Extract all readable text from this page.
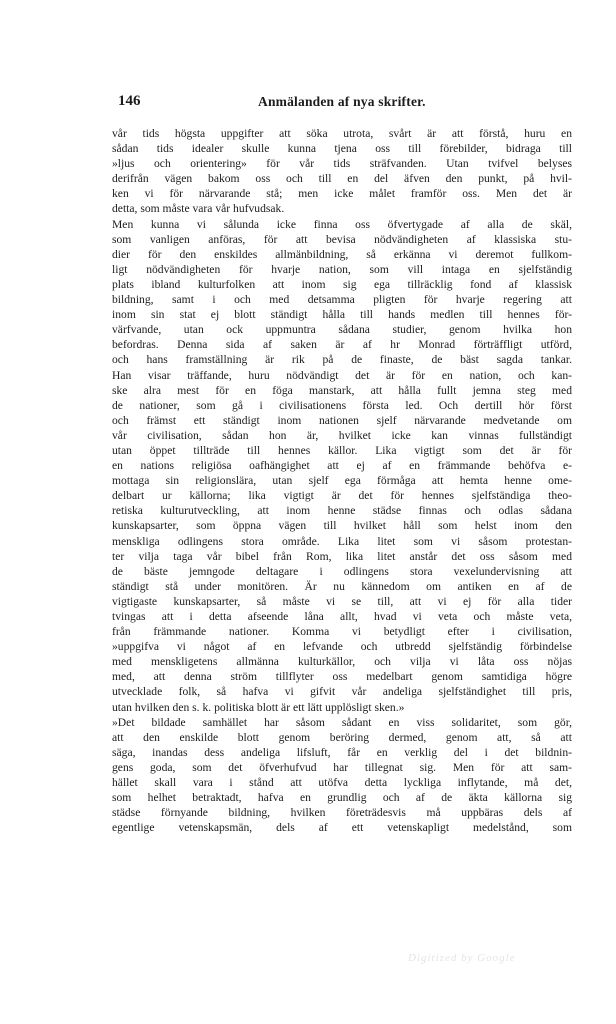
146	Anmälanden af nya skrifter.
vår tids högsta uppgifter att söka utrota, svårt är att förstå, huru en
sådan tids idealer skulle kunna tjena oss till förebilder, bidraga till
»ljus och orientering» för vår tids sträfvanden. Utan tvifvel belyses
derifrån vägen bakom oss och till en del äfven den punkt, på hvil-
ken vi för närvarande stå; men icke målet framför oss. Men det är
detta, som måste vara vår hufvudsak.
Men kunna vi sålunda icke finna oss öfvertygade af alla de skäl,
som vanligen anföras, för att bevisa nödvändigheten af klassiska stu-
dier för den enskildes allmänbildning, så erkänna vi deremot fullkom-
ligt nödvändigheten för hvarje nation, som vill intaga en sjelfständig
plats ibland kulturfolken att inom sig ega tillräcklig fond af klassisk
bildning, samt i och med detsamma pligten för hvarje regering att
inom sin stat ej blott ständigt hålla till hands medlen till hennes för-
värfvande, utan ock uppmuntra sådana studier, genom hvilka hon
befordras. Denna sida af saken är af hr Monrad förträffligt utförd,
och hans framställning är rik på de finaste, de bäst sagda tankar.
Han visar träffande, huru nödvändigt det är för en nation, och kan-
ske alra mest för en föga manstark, att hålla fullt jemna steg med
de nationer, som gå i civilisationens första led. Och dertill hör först
och främst ett ständigt inom nationen sjelf närvarande medvetande om
vår civilisation, sådan hon är, hvilket icke kan vinnas fullständigt
utan öppet tillträde till hennes källor. Lika vigtigt som det är för
en nations religiösa oafhängighet att ej af en främmande behöfva e-
mottaga sin religionslära, utan sjelf ega förmåga att hemta henne ome-
delbart ur källorna; lika vigtigt är det för hennes sjelfständiga theo-
retiska kulturutveckling, att inom henne städse finnas och odlas sådana
kunskapsarter, som öppna vägen till hvilket håll som helst inom den
menskliga odlingens stora område. Lika litet som vi såsom protestan-
ter vilja taga vår bibel från Rom, lika litet anstår det oss såsom med
de bäste jemngode deltagare i odlingens stora vexelundervisning att
ständigt stå under monitören. Är nu kännedom om antiken en af de
vigtigaste kunskapsarter, så måste vi se till, att vi ej för alla tider
tvingas att i detta afseende låna allt, hvad vi veta och måste veta,
från främmande nationer. Komma vi betydligt efter i civilisation,
»uppgifva vi något af en lefvande och utbredd sjelfständig förbindelse
med menskligetens allmänna kulturkällor, och vilja vi låta oss nöjas
med, att denna ström tillflyter oss medelbart genom samtidiga högre
utvecklade folk, så hafva vi gifvit vår andeliga sjelfständighet till pris,
utan hvilken den s. k. politiska blott är ett lätt upplösligt sken.»
»Det bildade samhället har såsom sådant en viss solidaritet, som gör,
att den enskilde blott genom beröring dermed, genom att, så att
säga, inandas dess andeliga lifsluft, får en verklig del i det bildnin-
gens goda, som det öfverhufvud har tillegnat sig. Men för att sam-
hället skall vara i stånd att utöfva detta lyckliga inflytande, må det,
som helhet betraktadt, hafva en grundlig och af de äkta källorna sig
städse förnyande bildning, hvilken företrädesvis må uppbäras dels af
egentlige vetenskapsmän, dels af ett vetenskapligt medelstånd, som
Digitized by Google
